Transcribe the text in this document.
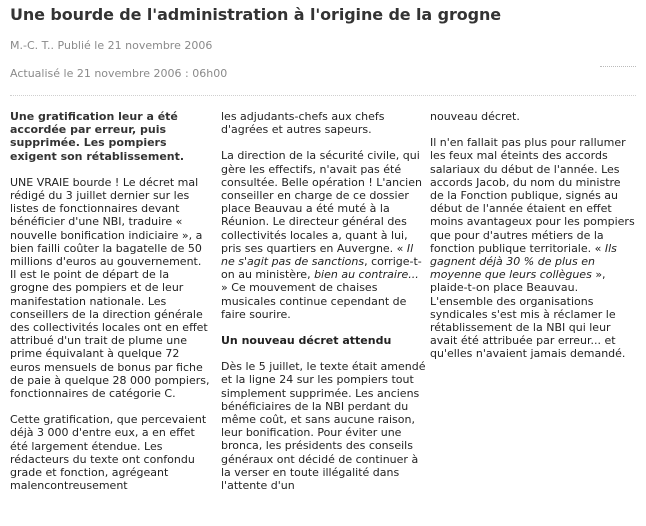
Une bourde de l'administration à l'origine de la grogne
M.-C. T.. Publié le 21 novembre 2006
Actualisé le 21 novembre 2006 : 06h00

Une gratification leur a été accordée par erreur, puis supprimée. Les pompiers exigent son rétablissement.

UNE VRAIE bourde ! Le décret mal rédigé du 3 juillet dernier sur les listes de fonctionnaires devant bénéficier d'une NBI, traduire « nouvelle bonification indiciaire », a bien failli coûter la bagatelle de 50 millions d'euros au gouvernement. Il est le point de départ de la grogne des pompiers et de leur manifestation nationale. Les conseillers de la direction générale des collectivités locales ont en effet attribué d'un trait de plume une prime équivalant à quelque 72 euros mensuels de bonus par fiche de paie à quelque 28 000 pompiers, fonctionnaires de catégorie C.

Cette gratification, que percevaient déjà 3 000 d'entre eux, a en effet été largement étendue. Les rédacteurs du texte ont confondu grade et fonction, agrégeant malencontreusement

les adjudants-chefs aux chefs d'agrées et autres sapeurs.

La direction de la sécurité civile, qui gère les effectifs, n'avait pas été consultée. Belle opération ! L'ancien conseiller en charge de ce dossier place Beauvau a été muté à la Réunion. Le directeur général des collectivités locales a, quant à lui, pris ses quartiers en Auvergne. « Il ne s'agit pas de sanctions, corrige-t-on au ministère, bien au contraire... » Ce mouvement de chaises musicales continue cependant de faire sourire.

Un nouveau décret attendu

Dès le 5 juillet, le texte était amendé et la ligne 24 sur les pompiers tout simplement supprimée. Les anciens bénéficiaires de la NBI perdant du même coût, et sans aucune raison, leur bonification. Pour éviter une bronca, les présidents des conseils généraux ont décidé de continuer à la verser en toute illégalité dans l'attente d'un

nouveau décret.

Il n'en fallait pas plus pour rallumer les feux mal éteints des accords salariaux du début de l'année. Les accords Jacob, du nom du ministre de la Fonction publique, signés au début de l'année étaient en effet moins avantageux pour les pompiers que pour d'autres métiers de la fonction publique territoriale. « Ils gagnent déjà 30 % de plus en moyenne que leurs collègues », plaide-t-on place Beauvau. L'ensemble des organisations syndicales s'est mis à réclamer le rétablissement de la NBI qui leur avait été attribuée par erreur... et qu'elles n'avaient jamais demandé.
